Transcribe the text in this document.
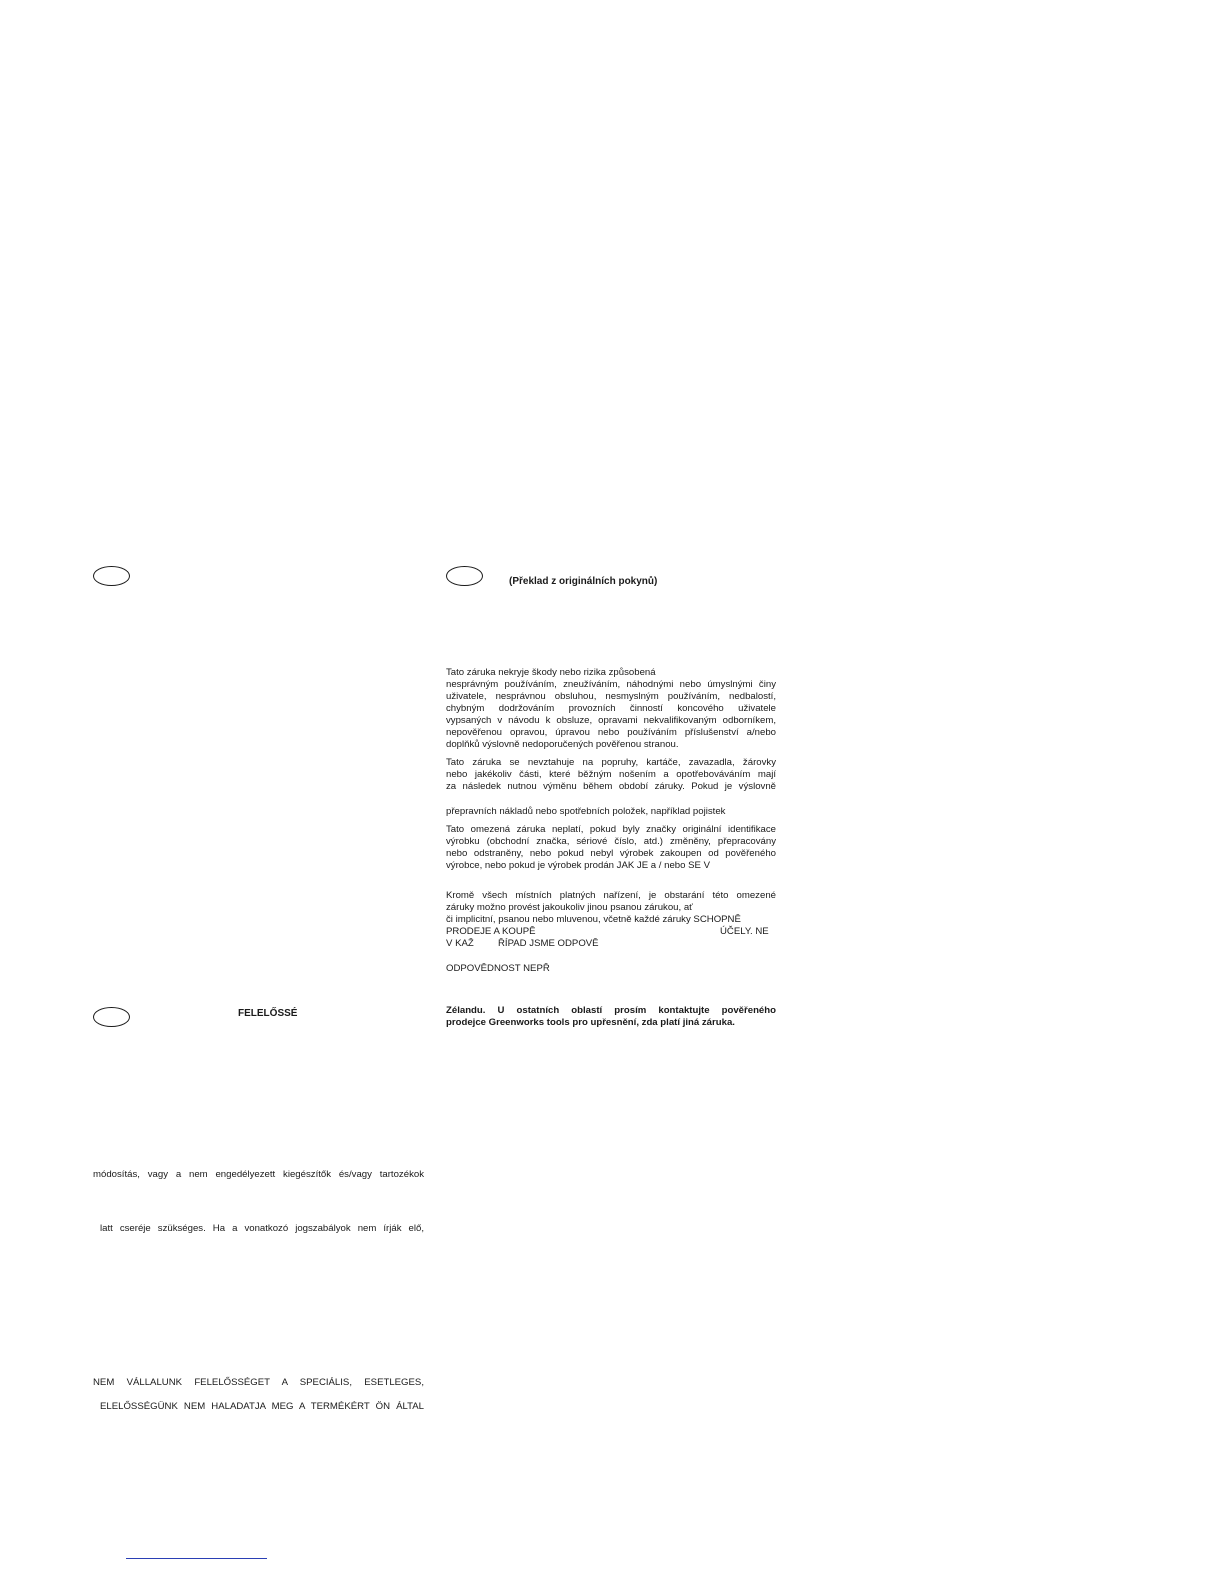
(Překlad z originálních pokynů)
FELELŐSSÉ
módosítás, vagy a nem engedélyezett kiegészítők és/vagy tartozékok
latt cseréje szükséges. Ha a vonatkozó jogszabályok nem írják elő,
NEM VÁLLALUNK FELELŐSSÉGET A SPECIÁLIS, ESETLEGES,
ELELŐSSÉGÜNK NEM HALADATJA MEG A TERMÉKÉRT ÖN ÁLTAL
Tato záruka nekryje škody nebo rizika způsobená
nesprávným používáním, zneužíváním, náhodnými nebo úmyslnými činy
uživatele, nesprávnou obsluhou, nesmyslným používáním, nedbalostí,
chybným dodržováním provozních činností koncového uživatele
vypsaných v návodu k obsluze, opravami nekvalifikovaným odborníkem,
nepověřenou opravou, úpravou nebo používáním příslušenství a/nebo
doplňků výslovně nedoporučených pověřenou stranou.
Tato záruka se nevztahuje na popruhy, kartáče, zavazadla, žárovky
nebo jakékoliv části, které běžným nošením a opotřebováváním mají
za následek nutnou výměnu během období záruky. Pokud je výslovně
přepravních nákladů nebo spotřebních položek, například pojistek
Tato omezená záruka neplatí, pokud byly značky originální identifikace
výrobku (obchodní značka, sériové číslo, atd.) změněny, přepracovány
nebo odstraněny, nebo pokud nebyl výrobek zakoupen od pověřeného
výrobce, nebo pokud je výrobek prodán JAK JE a / nebo SE V
Kromě všech místních platných nařízení, je obstarání této omezené
záruky možno provést jakoukoliv jinou psanou zárukou, ať
či implicitní, psanou nebo mluvenou, včetně každé záruky SCHOPNĚ
PRODEJE A KOUPĚ	ÚČELY. NE
V KAŽ	ŘÍPAD JSME ODPOVĚ
ODPOVĚDNOST NEPŘ
Zélandu. U ostatních oblastí prosím kontaktujte pověřeného
prodejce Greenworks tools pro upřesnění, zda platí jiná záruka.
